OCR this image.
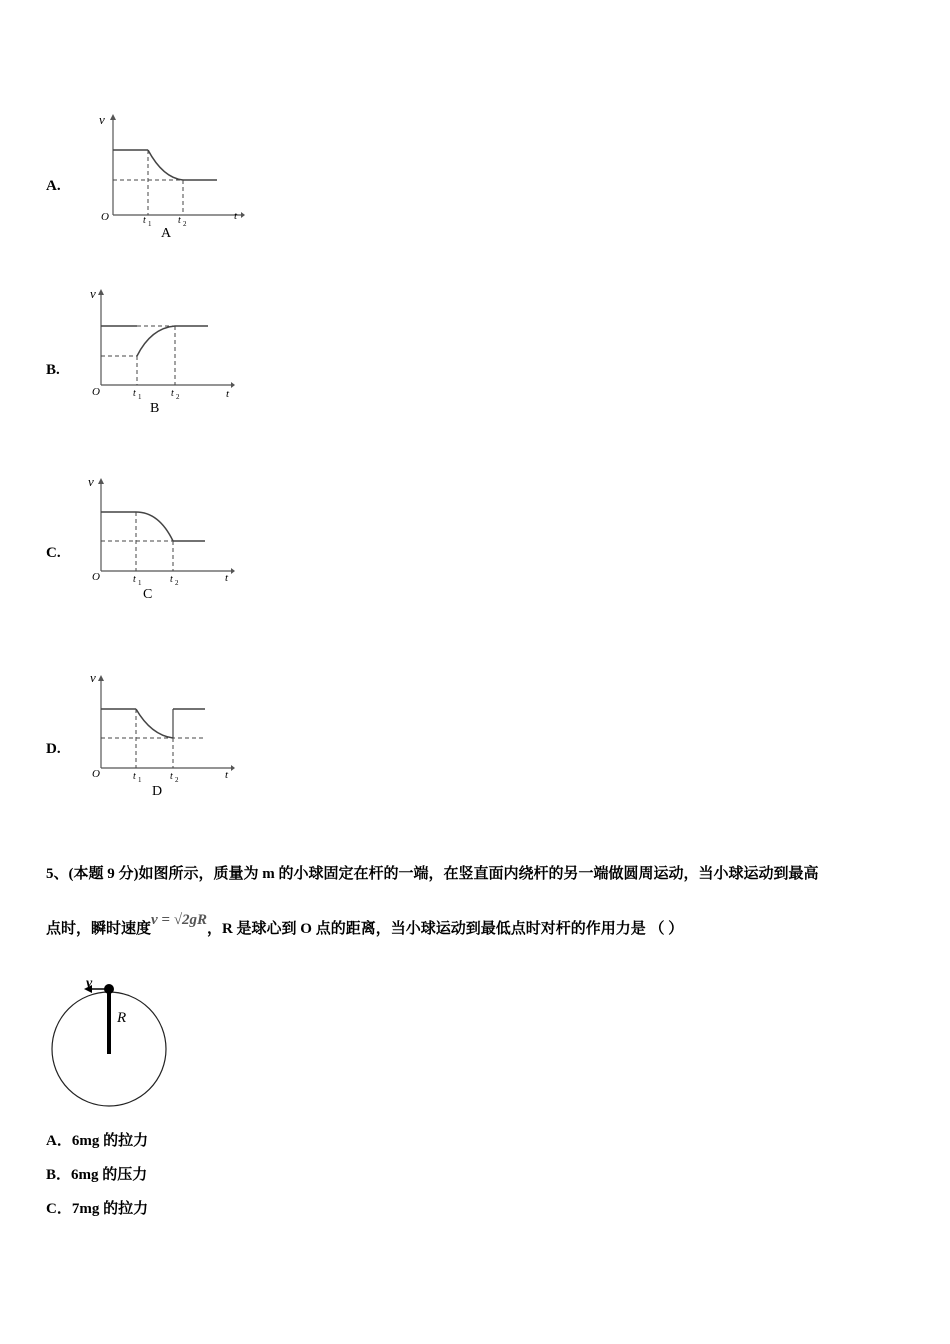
A.
v
t
O	t 1	t 2
A
B.
v
t
O	t 1	t 2
B
C.
v
t
O	t 1	t 2
C
D.
v
t
O	t 1	t 2
D
5、(本题 9 分)如图所示，质量为 m 的小球固定在杆的一端，在竖直面内绕杆的另一端做圆周运动，当小球运动到最高
点时，瞬时速度v = √2gR，R 是球心到 O 点的距离，当小球运动到最低点时对杆的作用力是 （ ）
v
R
A．6mg 的拉力
B．6mg 的压力
C．7mg 的拉力
